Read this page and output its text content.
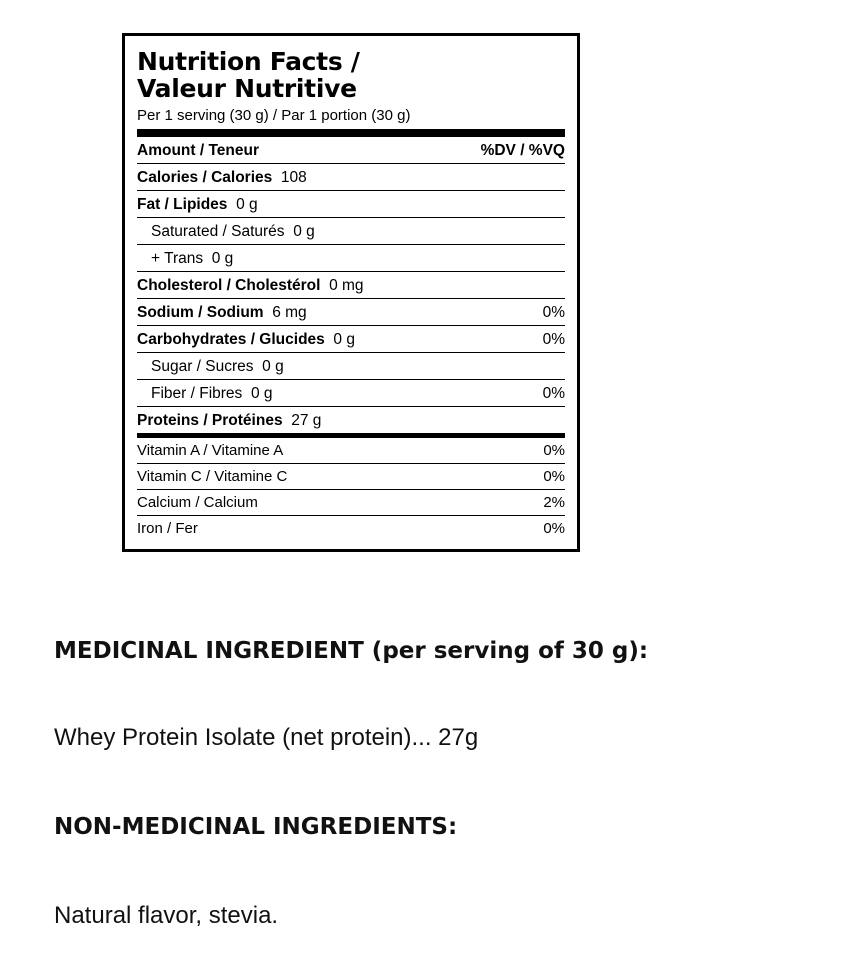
Nutrition Facts /
Valeur Nutritive
Per 1 serving (30 g) / Par 1 portion (30 g)
Amount / Teneur	%DV / %VQ
Calories / Calories 108
Fat / Lipides 0 g
Saturated / Saturés 0 g
+ Trans 0 g
Cholesterol / Cholestérol 0 mg
Sodium / Sodium 6 mg	0%
Carbohydrates / Glucides 0 g	0%
Sugar / Sucres 0 g
Fiber / Fibres 0 g	0%
Proteins / Protéines 27 g
Vitamin A / Vitamine A	0%
Vitamin C / Vitamine C	0%
Calcium / Calcium	2%
Iron / Fer	0%

MEDICINAL INGREDIENT (per serving of 30 g):

Whey Protein Isolate (net protein)... 27g

NON-MEDICINAL INGREDIENTS:

Natural flavor, stevia.
